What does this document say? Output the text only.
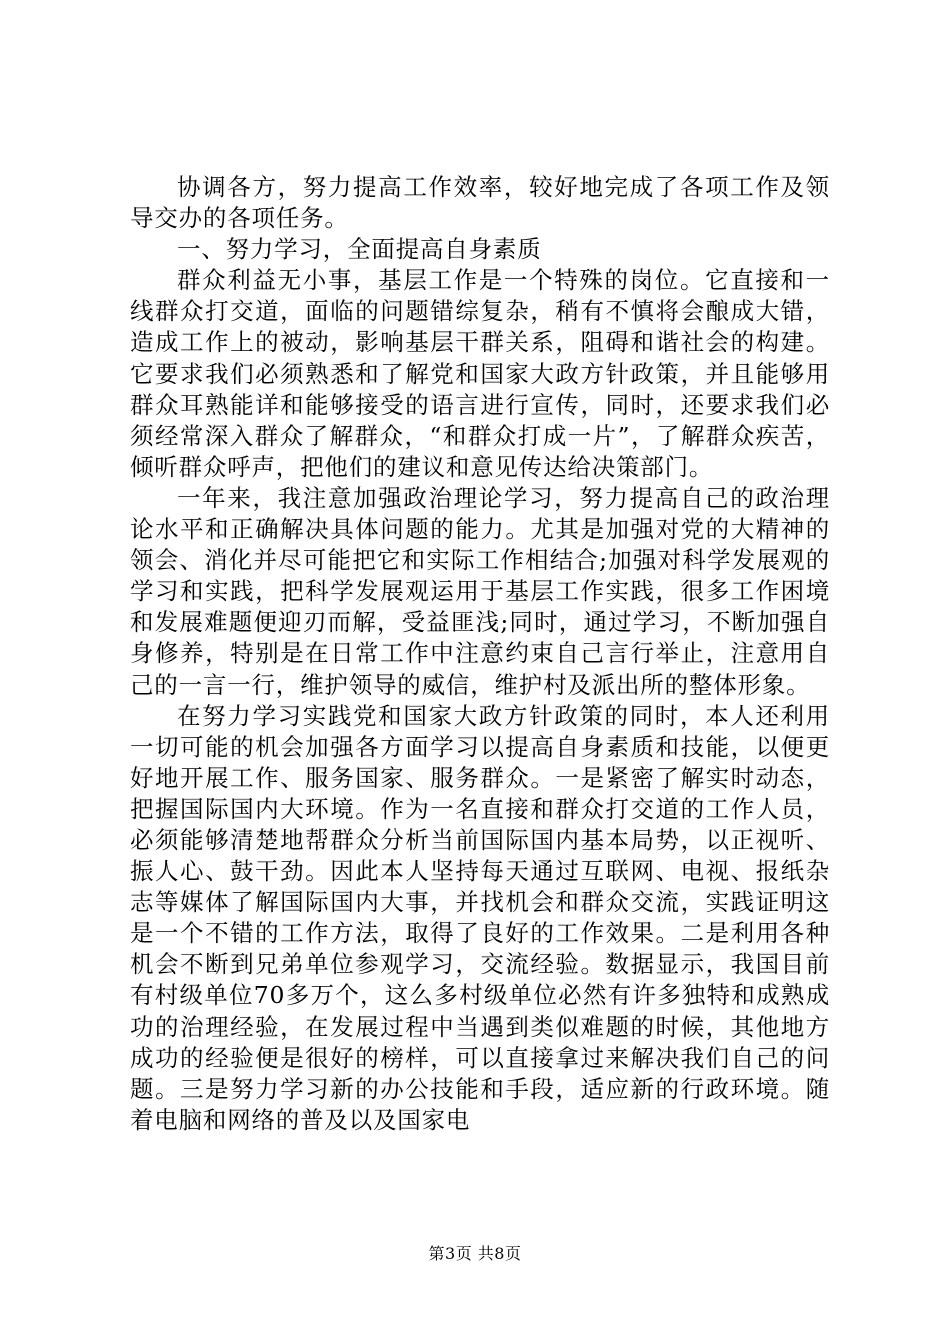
协调各方，努力提高工作效率，较好地完成了各项工作及领导交办的各项任务。

一、努力学习，全面提高自身素质

群众利益无小事，基层工作是一个特殊的岗位。它直接和一线群众打交道，面临的问题错综复杂，稍有不慎将会酿成大错，造成工作上的被动，影响基层干群关系，阻碍和谐社会的构建。它要求我们必须熟悉和了解党和国家大政方针政策，并且能够用群众耳熟能详和能够接受的语言进行宣传，同时，还要求我们必须经常深入群众了解群众，“和群众打成一片”，了解群众疾苦，倾听群众呼声，把他们的建议和意见传达给决策部门。

一年来，我注意加强政治理论学习，努力提高自己的政治理论水平和正确解决具体问题的能力。尤其是加强对党的大精神的领会、消化并尽可能把它和实际工作相结合;加强对科学发展观的学习和实践，把科学发展观运用于基层工作实践，很多工作困境和发展难题便迎刃而解，受益匪浅;同时，通过学习，不断加强自身修养，特别是在日常工作中注意约束自己言行举止，注意用自己的一言一行，维护领导的威信，维护村及派出所的整体形象。

在努力学习实践党和国家大政方针政策的同时，本人还利用一切可能的机会加强各方面学习以提高自身素质和技能，以便更好地开展工作、服务国家、服务群众。一是紧密了解实时动态，把握国际国内大环境。作为一名直接和群众打交道的工作人员，必须能够清楚地帮群众分析当前国际国内基本局势，以正视听、振人心、鼓干劲。因此本人坚持每天通过互联网、电视、报纸杂志等媒体了解国际国内大事，并找机会和群众交流，实践证明这是一个不错的工作方法，取得了良好的工作效果。二是利用各种机会不断到兄弟单位参观学习，交流经验。数据显示，我国目前有村级单位70多万个，这么多村级单位必然有许多独特和成熟成功的治理经验，在发展过程中当遇到类似难题的时候，其他地方成功的经验便是很好的榜样，可以直接拿过来解决我们自己的问题。三是努力学习新的办公技能和手段，适应新的行政环境。随着电脑和网络的普及以及国家电

第3页 共8页
